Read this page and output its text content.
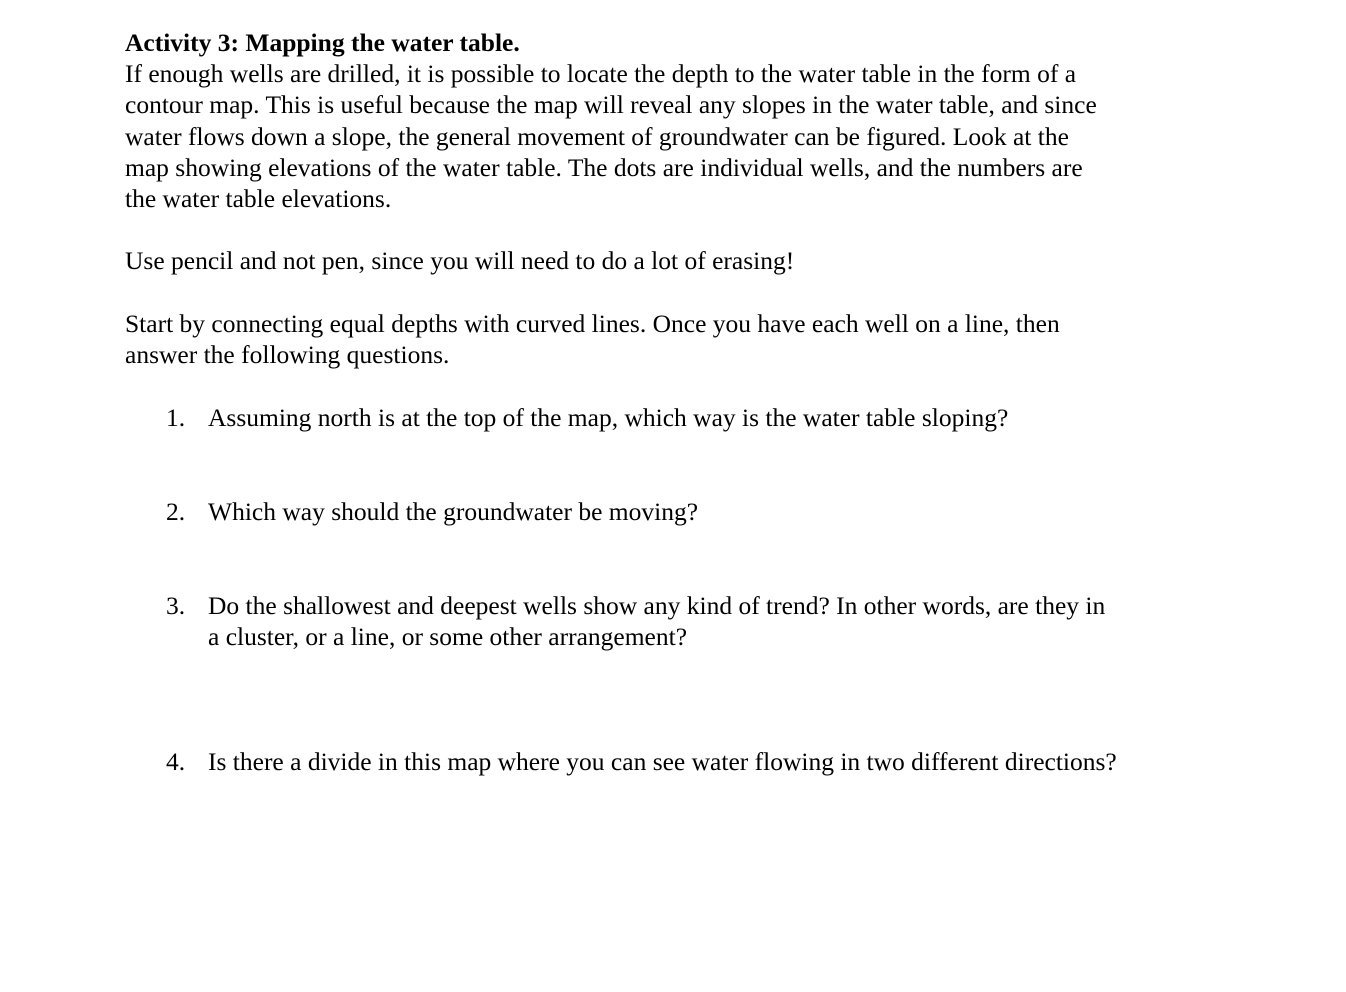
Activity 3: Mapping the water table.
If enough wells are drilled, it is possible to locate the depth to the water table in the form of a
contour map. This is useful because the map will reveal any slopes in the water table, and since
water flows down a slope, the general movement of groundwater can be figured. Look at the
map showing elevations of the water table. The dots are individual wells, and the numbers are
the water table elevations.
Use pencil and not pen, since you will need to do a lot of erasing!
Start by connecting equal depths with curved lines. Once you have each well on a line, then
answer the following questions.
1. Assuming north is at the top of the map, which way is the water table sloping?
2. Which way should the groundwater be moving?
3. Do the shallowest and deepest wells show any kind of trend? In other words, are they in
a cluster, or a line, or some other arrangement?
4. Is there a divide in this map where you can see water flowing in two different directions?
